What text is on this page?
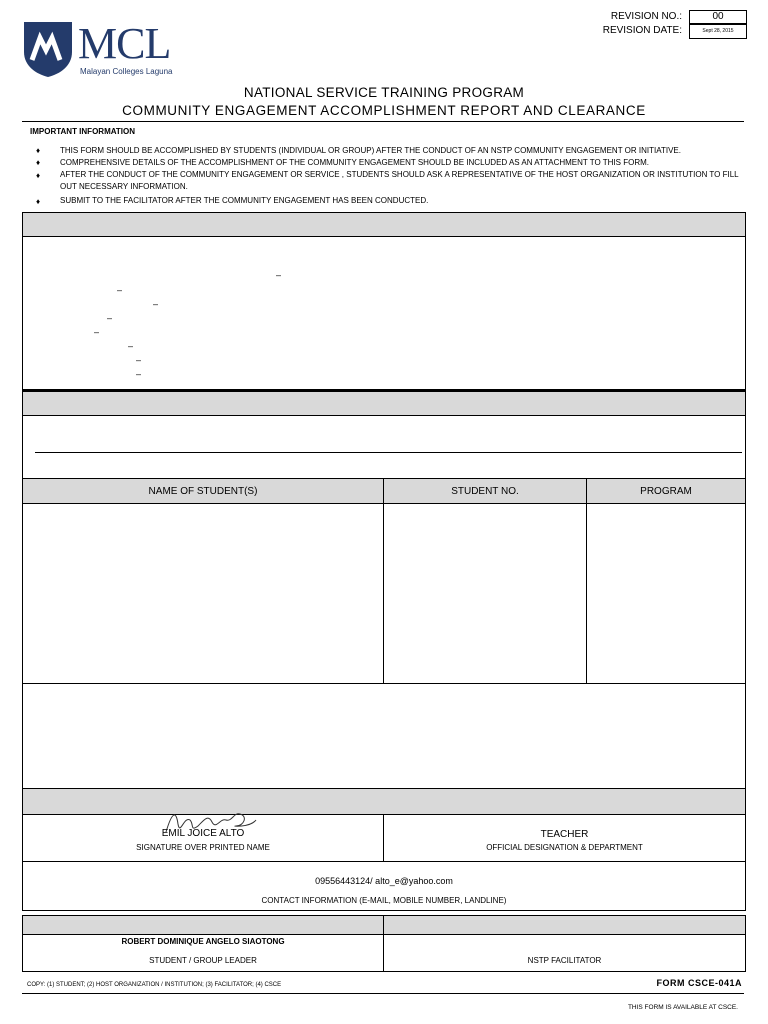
MCL
Malayan Colleges Laguna
REVISION NO.:	00
REVISION DATE:	Sept 28, 2015
NATIONAL SERVICE TRAINING PROGRAM
COMMUNITY ENGAGEMENT ACCOMPLISHMENT REPORT AND CLEARANCE
IMPORTANT INFORMATION
♦ THIS FORM SHOULD BE ACCOMPLISHED BY STUDENTS (INDIVIDUAL OR GROUP) AFTER THE CONDUCT OF AN NSTP COMMUNITY ENGAGEMENT OR INITIATIVE.
♦ COMPREHENSIVE DETAILS OF THE ACCOMPLISHMENT OF THE COMMUNITY ENGAGEMENT SHOULD BE INCLUDED AS AN ATTACHMENT TO THIS FORM.
♦ AFTER THE CONDUCT OF THE COMMUNITY ENGAGEMENT OR SERVICE , STUDENTS SHOULD ASK A REPRESENTATIVE OF THE HOST ORGANIZATION OR INSTITUTION TO FILL OUT NECESSARY INFORMATION.
♦ SUBMIT TO THE FACILITATOR AFTER THE COMMUNITY ENGAGEMENT HAS BEEN CONDUCTED.
–
–
–
–
–
–
–
–
NAME OF STUDENT(S)	STUDENT NO.	PROGRAM
EMIL JOICE ALTO
SIGNATURE OVER PRINTED NAME
TEACHER
OFFICIAL DESIGNATION & DEPARTMENT
09556443124/ alto_e@yahoo.com
CONTACT INFORMATION (E-MAIL, MOBILE NUMBER, LANDLINE)
ROBERT DOMINIQUE ANGELO SIAOTONG
STUDENT / GROUP LEADER	NSTP FACILITATOR
COPY: (1) STUDENT; (2) HOST ORGANIZATION / INSTITUTION; (3) FACILITATOR; (4) CSCE	FORM CSCE-041A
THIS FORM IS AVAILABLE AT CSCE.
